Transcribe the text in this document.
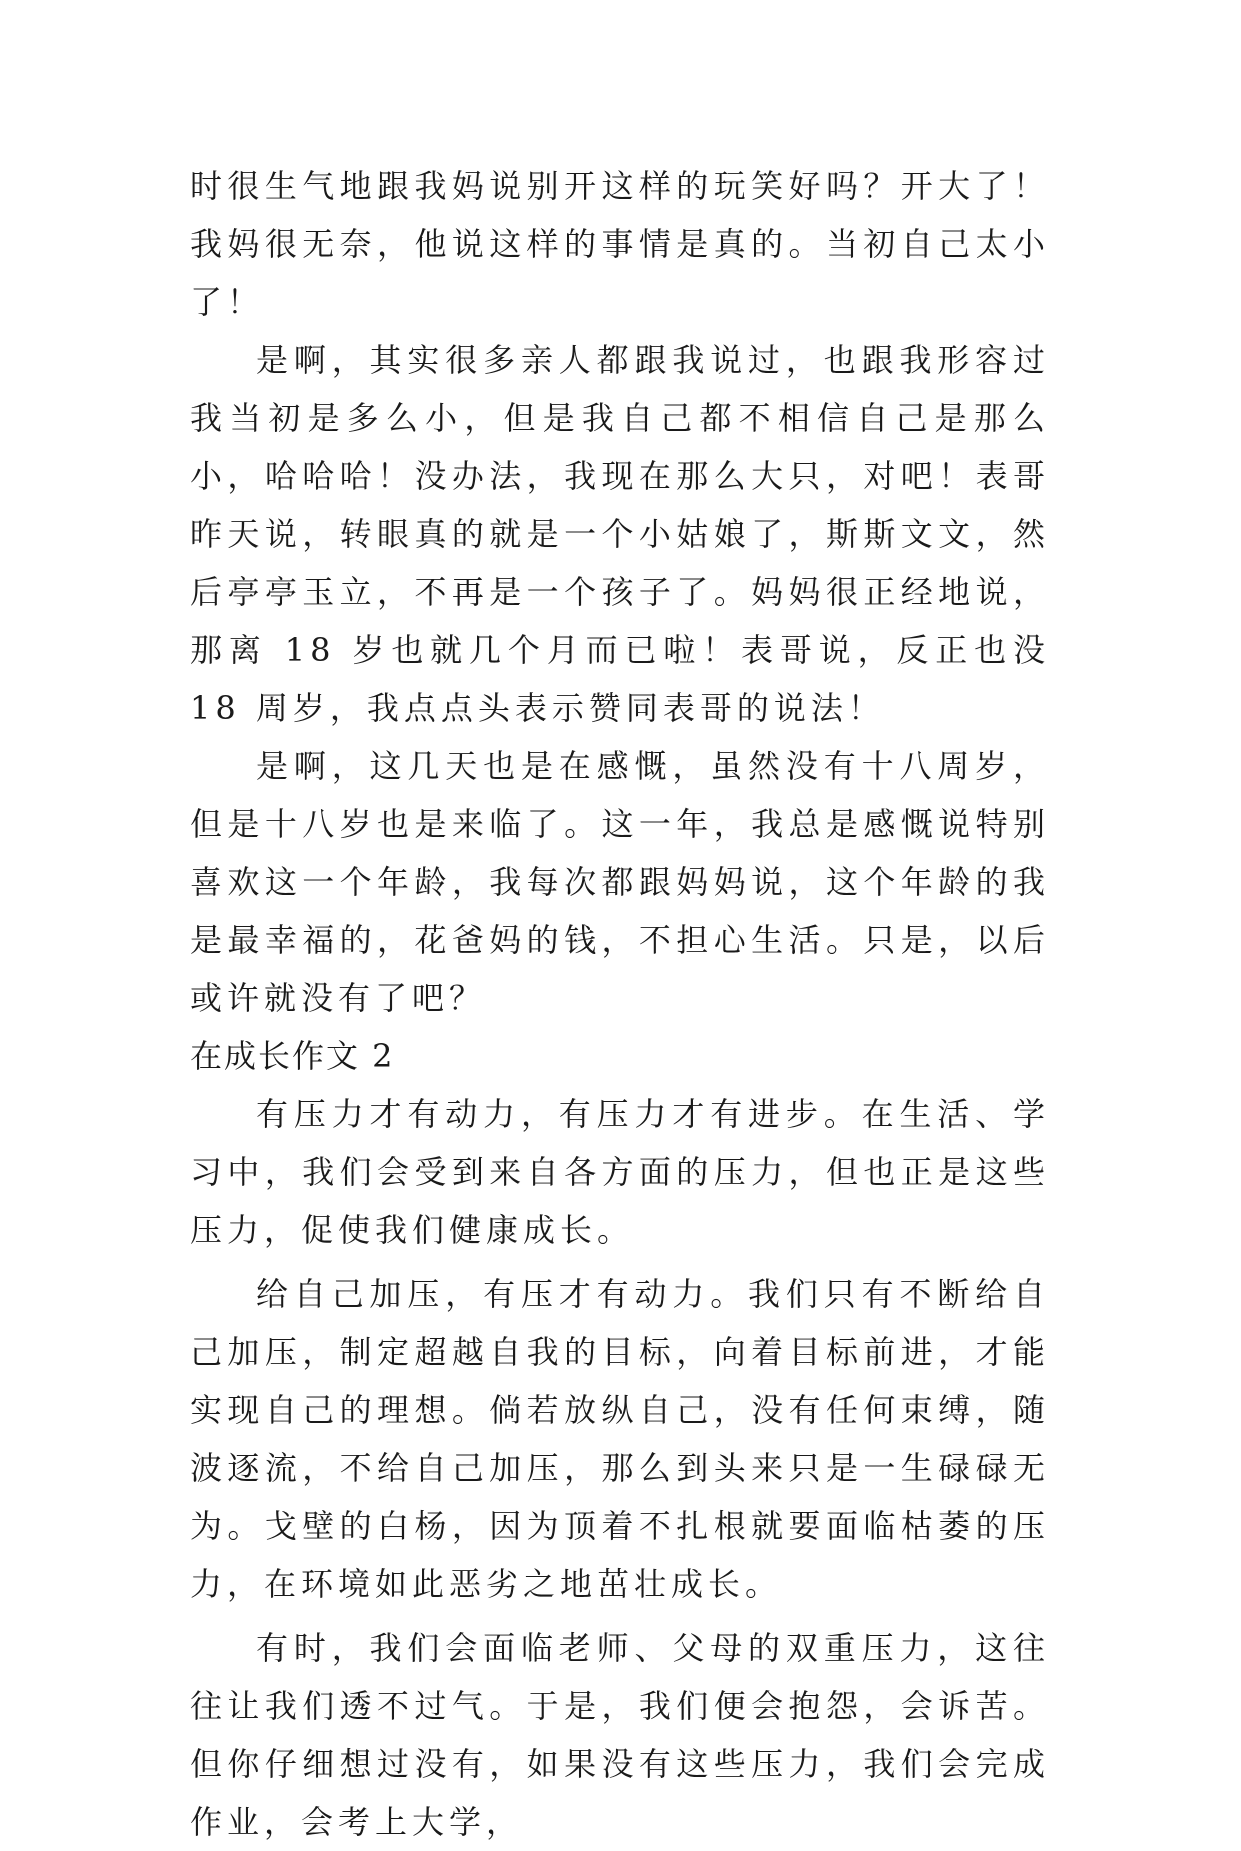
时很生气地跟我妈说别开这样的玩笑好吗？开大了！我妈很无奈，他说这样的事情是真的。当初自己太小了！

是啊，其实很多亲人都跟我说过，也跟我形容过我当初是多么小，但是我自己都不相信自己是那么小，哈哈哈！没办法，我现在那么大只，对吧！表哥昨天说，转眼真的就是一个小姑娘了，斯斯文文，然后亭亭玉立，不再是一个孩子了。妈妈很正经地说，那离 18 岁也就几个月而已啦！表哥说，反正也没 18 周岁，我点点头表示赞同表哥的说法！

是啊，这几天也是在感慨，虽然没有十八周岁，但是十八岁也是来临了。这一年，我总是感慨说特别喜欢这一个年龄，我每次都跟妈妈说，这个年龄的我是最幸福的，花爸妈的钱，不担心生活。只是，以后或许就没有了吧？

在成长作文 2

有压力才有动力，有压力才有进步。在生活、学习中，我们会受到来自各方面的压力，但也正是这些压力，促使我们健康成长。

给自己加压，有压才有动力。我们只有不断给自己加压，制定超越自我的目标，向着目标前进，才能实现自己的理想。倘若放纵自己，没有任何束缚，随波逐流，不给自己加压，那么到头来只是一生碌碌无为。戈壁的白杨，因为顶着不扎根就要面临枯萎的压力，在环境如此恶劣之地茁壮成长。

有时，我们会面临老师、父母的双重压力，这往往让我们透不过气。于是，我们便会抱怨，会诉苦。但你仔细想过没有，如果没有这些压力，我们会完成作业，会考上大学，
